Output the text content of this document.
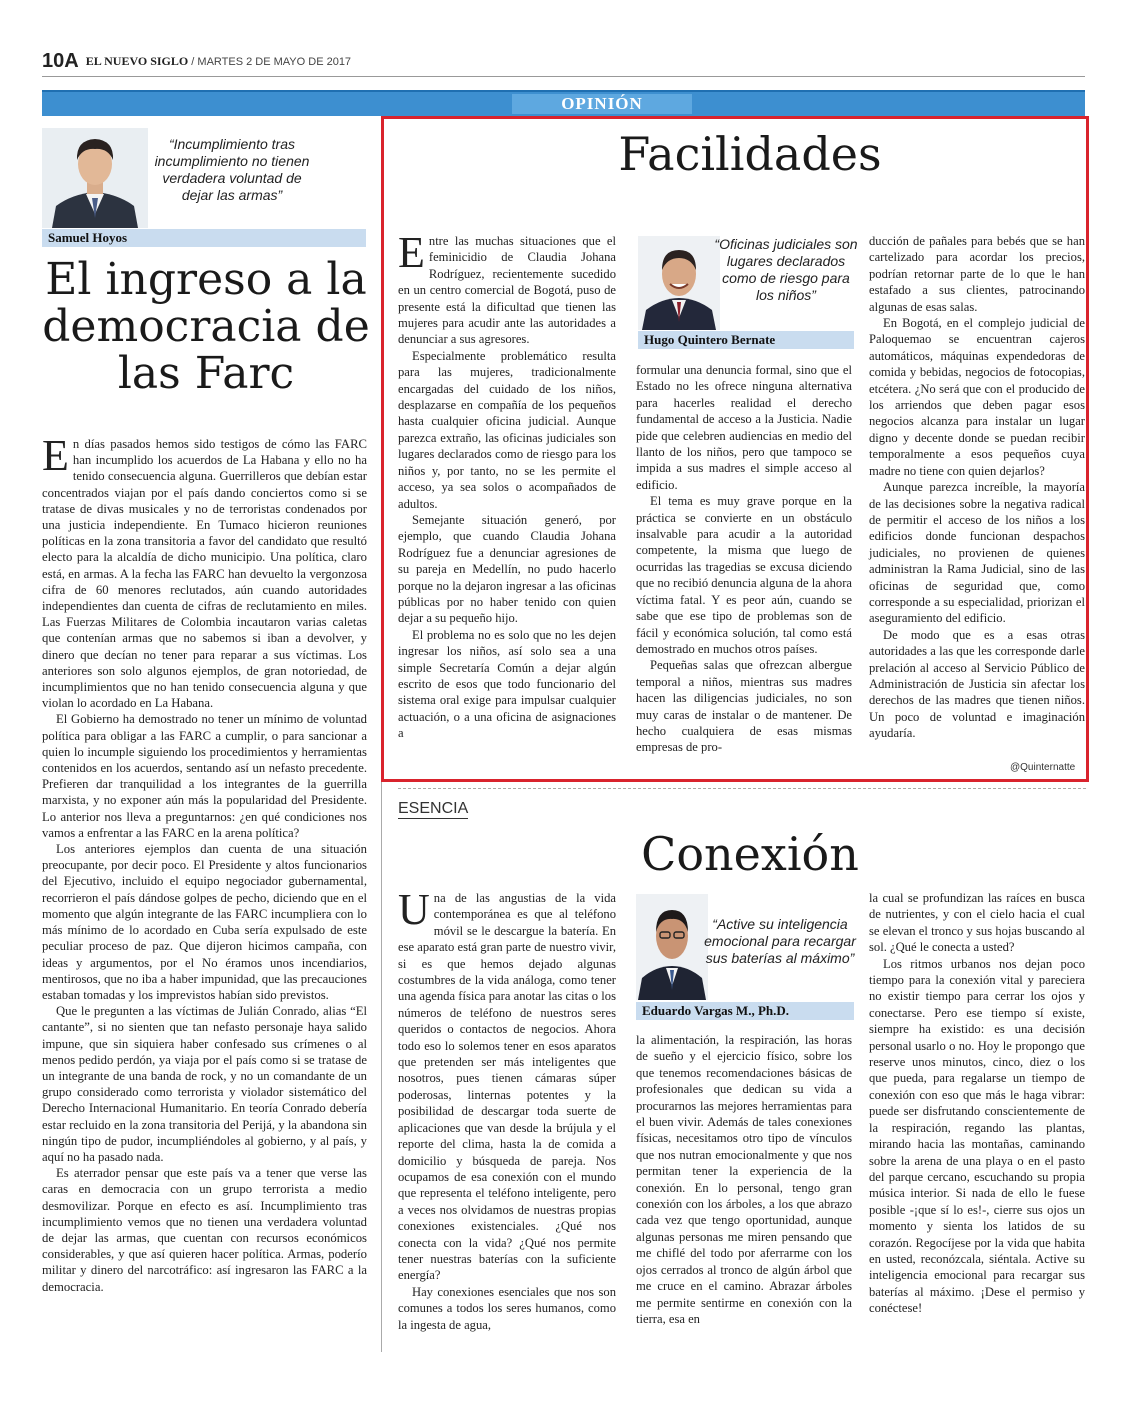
10A EL NUEVO SIGLO / MARTES 2 DE MAYO DE 2017
OPINIÓN
“Incumplimiento tras incumplimiento no tienen verdadera voluntad de dejar las armas”
Samuel Hoyos
El ingreso a la
democracia de
las Farc

En días pasados hemos sido testigos de cómo las FARC han incumplido los acuerdos de La Habana y ello no ha tenido consecuencia alguna. Guerrilleros que debían estar concentrados viajan por el país dando conciertos como si se tratase de divas musicales y no de terroristas condenados por una justicia independiente. En Tumaco hicieron reuniones políticas en la zona transitoria a favor del candidato que resultó electo para la alcaldía de dicho municipio. Una política, claro está, en armas. A la fecha las FARC han devuelto la vergonzosa cifra de 60 menores reclutados, aún cuando autoridades independientes dan cuenta de cifras de reclutamiento en miles. Las Fuerzas Militares de Colombia incautaron varias caletas que contenían armas que no sabemos si iban a devolver, y dinero que decían no tener para reparar a sus víctimas. Los anteriores son solo algunos ejemplos, de gran notoriedad, de incumplimientos que no han tenido consecuencia alguna y que violan lo acordado en La Habana.

El Gobierno ha demostrado no tener un mínimo de voluntad política para obligar a las FARC a cumplir, o para sancionar a quien lo incumple siguiendo los procedimientos y herramientas contenidos en los acuerdos, sentando así un nefasto precedente. Prefieren dar tranquilidad a los integrantes de la guerrilla marxista, y no exponer aún más la popularidad del Presidente. Lo anterior nos lleva a preguntarnos: ¿en qué condiciones nos vamos a enfrentar a las FARC en la arena política?

Los anteriores ejemplos dan cuenta de una situación preocupante, por decir poco. El Presidente y altos funcionarios del Ejecutivo, incluido el equipo negociador gubernamental, recorrieron el país dándose golpes de pecho, diciendo que en el momento que algún integrante de las FARC incumpliera con lo más mínimo de lo acordado en Cuba sería expulsado de este peculiar proceso de paz. Que dijeron hicimos campaña, con ideas y argumentos, por el No éramos unos incendiarios, mentirosos, que no iba a haber impunidad, que las precauciones estaban tomadas y los imprevistos habían sido previstos.

Que le pregunten a las víctimas de Julián Conrado, alias “El cantante”, si no sienten que tan nefasto personaje haya salido impune, que sin siquiera haber confesado sus crímenes o al menos pedido perdón, ya viaja por el país como si se tratase de un integrante de una banda de rock, y no un comandante de un grupo considerado como terrorista y violador sistemático del Derecho Internacional Humanitario. En teoría Conrado debería estar recluido en la zona transitoria del Perijá, y la abandona sin ningún tipo de pudor, incumpliéndoles al gobierno, y al país, y aquí no ha pasado nada.

Es aterrador pensar que este país va a tener que verse las caras en democracia con un grupo terrorista a medio desmovilizar. Porque en efecto es así. Incumplimiento tras incumplimiento vemos que no tienen una verdadera voluntad de dejar las armas, que cuentan con recursos económicos considerables, y que así quieren hacer política. Armas, poderío militar y dinero del narcotráfico: así ingresaron las FARC a la democracia.

Facilidades

Entre las muchas situaciones que el feminicidio de Claudia Johana Rodríguez, recientemente sucedido en un centro comercial de Bogotá, puso de presente está la dificultad que tienen las mujeres para acudir ante las autoridades a denunciar a sus agresores.

Especialmente problemático resulta para las mujeres, tradicionalmente encargadas del cuidado de los niños, desplazarse en compañía de los pequeños hasta cualquier oficina judicial. Aunque parezca extraño, las oficinas judiciales son lugares declarados como de riesgo para los niños y, por tanto, no se les permite el acceso, ya sea solos o acompañados de adultos.

Semejante situación generó, por ejemplo, que cuando Claudia Johana Rodríguez fue a denunciar agresiones de su pareja en Medellín, no pudo hacerlo porque no la dejaron ingresar a las oficinas públicas por no haber tenido con quien dejar a su pequeño hijo.

El problema no es solo que no les dejen ingresar los niños, así solo sea a una simple Secretaría Común a dejar algún escrito de esos que todo funcionario del sistema oral exige para impulsar cualquier actuación, o a una oficina de asignaciones a

“Oficinas judiciales son lugares declarados como de riesgo para los niños”
Hugo Quintero Bernate

formular una denuncia formal, sino que el Estado no les ofrece ninguna alternativa para hacerles realidad el derecho fundamental de acceso a la Justicia. Nadie pide que celebren audiencias en medio del llanto de los niños, pero que tampoco se impida a sus madres el simple acceso al edificio.

El tema es muy grave porque en la práctica se convierte en un obstáculo insalvable para acudir a la autoridad competente, la misma que luego de ocurridas las tragedias se excusa diciendo que no recibió denuncia alguna de la ahora víctima fatal. Y es peor aún, cuando se sabe que ese tipo de problemas son de fácil y económica solución, tal como está demostrado en muchos otros países.

Pequeñas salas que ofrezcan albergue temporal a niños, mientras sus madres hacen las diligencias judiciales, no son muy caras de instalar o de mantener. De hecho cualquiera de esas mismas empresas de pro-

ducción de pañales para bebés que se han cartelizado para acordar los precios, podrían retornar parte de lo que le han estafado a sus clientes, patrocinando algunas de esas salas.

En Bogotá, en el complejo judicial de Paloquemao se encuentran cajeros automáticos, máquinas expendedoras de comida y bebidas, negocios de fotocopias, etcétera. ¿No será que con el producido de los arriendos que deben pagar esos negocios alcanza para instalar un lugar digno y decente donde se puedan recibir temporalmente a esos pequeños cuya madre no tiene con quien dejarlos?

Aunque parezca increíble, la mayoría de las decisiones sobre la negativa radical de permitir el acceso de los niños a los edificios donde funcionan despachos judiciales, no provienen de quienes administran la Rama Judicial, sino de las oficinas de seguridad que, como corresponde a su especialidad, priorizan el aseguramiento del edificio.

De modo que es a esas otras autoridades a las que les corresponde darle prelación al acceso al Servicio Público de Administración de Justicia sin afectar los derechos de las madres que tienen niños. Un poco de voluntad e imaginación ayudaría.

@Quinternatte
ESENCIA
Conexión

Una de las angustias de la vida contemporánea es que al teléfono móvil se le descargue la batería. En ese aparato está gran parte de nuestro vivir, si es que hemos dejado algunas costumbres de la vida análoga, como tener una agenda física para anotar las citas o los números de teléfono de nuestros seres queridos o contactos de negocios. Ahora todo eso lo solemos tener en esos aparatos que pretenden ser más inteligentes que nosotros, pues tienen cámaras súper poderosas, linternas potentes y la posibilidad de descargar toda suerte de aplicaciones que van desde la brújula y el reporte del clima, hasta la de comida a domicilio y búsqueda de pareja. Nos ocupamos de esa conexión con el mundo que representa el teléfono inteligente, pero a veces nos olvidamos de nuestras propias conexiones existenciales. ¿Qué nos conecta con la vida? ¿Qué nos permite tener nuestras baterías con la suficiente energía?

Hay conexiones esenciales que nos son comunes a todos los seres humanos, como la ingesta de agua,

“Active su inteligencia emocional para recargar sus baterías al máximo”
Eduardo Vargas M., Ph.D.

la alimentación, la respiración, las horas de sueño y el ejercicio físico, sobre los que tenemos recomendaciones básicas de profesionales que dedican su vida a procurarnos las mejores herramientas para el buen vivir. Además de tales conexiones físicas, necesitamos otro tipo de vínculos que nos nutran emocionalmente y que nos permitan tener la experiencia de la conexión. En lo personal, tengo gran conexión con los árboles, a los que abrazo cada vez que tengo oportunidad, aunque algunas personas me miren pensando que me chiflé del todo por aferrarme con los ojos cerrados al tronco de algún árbol que me cruce en el camino. Abrazar árboles me permite sentirme en conexión con la tierra, esa en

la cual se profundizan las raíces en busca de nutrientes, y con el cielo hacia el cual se elevan el tronco y sus hojas buscando al sol. ¿Qué le conecta a usted?

Los ritmos urbanos nos dejan poco tiempo para la conexión vital y pareciera no existir tiempo para cerrar los ojos y conectarse. Pero ese tiempo sí existe, siempre ha existido: es una decisión personal usarlo o no. Hoy le propongo que reserve unos minutos, cinco, diez o los que pueda, para regalarse un tiempo de conexión con eso que más le haga vibrar: puede ser disfrutando conscientemente de la respiración, regando las plantas, mirando hacia las montañas, caminando sobre la arena de una playa o en el pasto del parque cercano, escuchando su propia música interior. Si nada de ello le fuese posible -¡que sí lo es!-, cierre sus ojos un momento y sienta los latidos de su corazón. Regocíjese por la vida que habita en usted, reconózcala, siéntala. Active su inteligencia emocional para recargar sus baterías al máximo. ¡Dese el permiso y conéctese!
